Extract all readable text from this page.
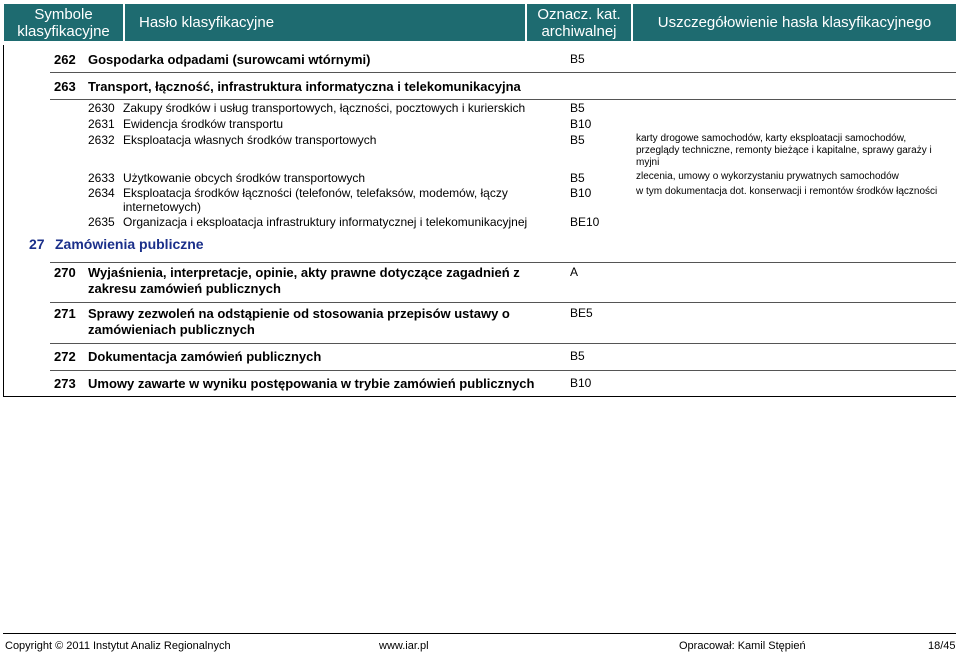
Symbole
klasyfikacyjne Hasło klasyfikacyjne	Oznacz. kat.
archiwalnej	Uszczegółowienie hasła klasyfikacyjnego
262 Gospodarka odpadami (surowcami wtórnymi)	B5
263 Transport, łączność, infrastruktura informatyczna i telekomunikacyjna
2630 Zakupy środków i usług transportowych, łączności, pocztowych i kurierskich	B5
2631 Ewidencja środków transportu	B10
2632 Eksploatacja własnych środków transportowych	B5	karty drogowe samochodów, karty eksploatacji samochodów,
przeglądy techniczne, remonty bieżące i kapitalne, sprawy garaży i
myjni
2633 Użytkowanie obcych środków transportowych	B5	zlecenia, umowy o wykorzystaniu prywatnych samochodów
2634 Eksploatacja środków łączności (telefonów, telefaksów, modemów, łączy
internetowych)
B10	w tym dokumentacja dot. konserwacji i remontów środków łączności
2635 Organizacja i eksploatacja infrastruktury informatycznej i telekomunikacyjnej	BE10
27 Zamówienia publiczne
270 Wyjaśnienia, interpretacje, opinie, akty prawne dotyczące zagadnień z
zakresu zamówień publicznych
A
271 Sprawy zezwoleń na odstąpienie od stosowania przepisów ustawy o
zamówieniach publicznych
BE5
272 Dokumentacja zamówień publicznych	B5
273 Umowy zawarte w wyniku postępowania w trybie zamówień publicznych	B10
Copyright © 2011 Instytut Analiz Regionalnych	www.iar.pl	Opracował: Kamil Stępień	18/45
